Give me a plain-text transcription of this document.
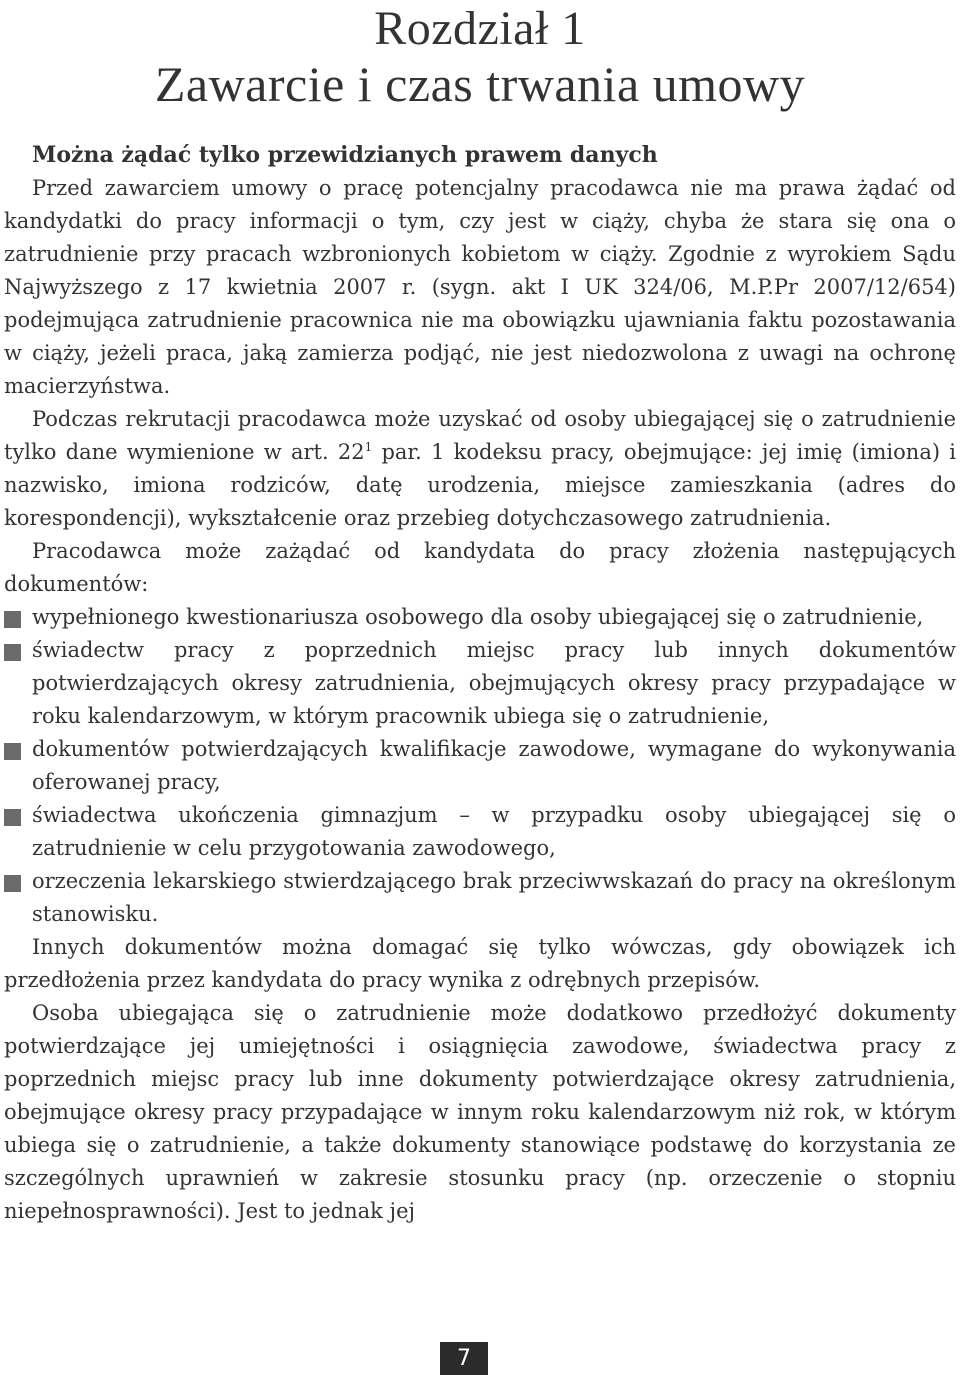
Rozdział 1
Zawarcie i czas trwania umowy
Można żądać tylko przewidzianych prawem danych

Przed zawarciem umowy o pracę potencjalny pracodawca nie ma prawa żądać od kandydatki do pracy informacji o tym, czy jest w ciąży, chyba że stara się ona o zatrudnienie przy pracach wzbronionych kobietom w ciąży. Zgodnie z wyrokiem Sądu Najwyższego z 17 kwietnia 2007 r. (sygn. akt I UK 324/06, M.P.Pr 2007/12/654) podejmująca zatrudnienie pracownica nie ma obowiązku ujawniania faktu pozostawania w ciąży, jeżeli praca, jaką zamierza podjąć, nie jest niedozwolona z uwagi na ochronę macierzyństwa.

Podczas rekrutacji pracodawca może uzyskać od osoby ubiegającej się o zatrudnienie tylko dane wymienione w art. $22^1$ par. 1 kodeksu pracy, obejmujące: jej imię (imiona) i nazwisko, imiona rodziców, datę urodzenia, miejsce zamieszkania (adres do korespondencji), wykształcenie oraz przebieg dotychczasowego zatrudnienia.

Pracodawca może zażądać od kandydata do pracy złożenia następujących dokumentów:

wypełnionego kwestionariusza osobowego dla osoby ubiegającej się o zatrudnienie,
świadectw pracy z poprzednich miejsc pracy lub innych dokumentów potwierdzających okresy zatrudnienia, obejmujących okresy pracy przypadające w roku kalendarzowym, w którym pracownik ubiega się o zatrudnienie,
dokumentów potwierdzających kwalifikacje zawodowe, wymagane do wykonywania oferowanej pracy,
świadectwa ukończenia gimnazjum – w przypadku osoby ubiegającej się o zatrudnienie w celu przygotowania zawodowego,
orzeczenia lekarskiego stwierdzającego brak przeciwwskazań do pracy na określonym stanowisku.

Innych dokumentów można domagać się tylko wówczas, gdy obowiązek ich przedłożenia przez kandydata do pracy wynika z odrębnych przepisów.

Osoba ubiegająca się o zatrudnienie może dodatkowo przedłożyć dokumenty potwierdzające jej umiejętności i osiągnięcia zawodowe, świadectwa pracy z poprzednich miejsc pracy lub inne dokumenty potwierdzające okresy zatrudnienia, obejmujące okresy pracy przypadające w innym roku kalendarzowym niż rok, w którym ubiega się o zatrudnienie, a także dokumenty stanowiące podstawę do korzystania ze szczególnych uprawnień w zakresie stosunku pracy (np. orzeczenie o stopniu niepełnosprawności). Jest to jednak jej

7
